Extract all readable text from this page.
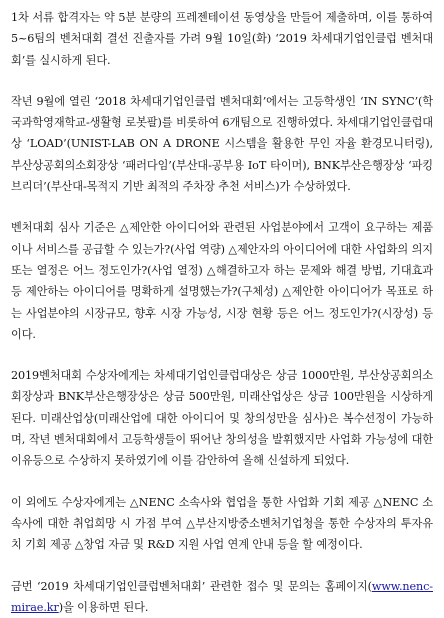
1차 서류 합격자는 약 5분 분량의 프레젠테이션 동영상을 만들어 제출하며, 이를 통하여 5~6팀의 벤처대회 결선 진출자를 가려 9월 10일(화) ‘2019 차세대기업인클럽 벤처대회’를 실시하게 된다.

작년 9월에 열린 ‘2018 차세대기업인클럽 벤처대회’에서는 고등학생인 ‘IN SYNC’(학국과학영재학교-생활형 로봇팔)를 비롯하여 6개팀으로 진행하였다. 차세대기업인클럽대상 ‘LOAD’(UNIST-LAB ON A DRONE 시스템을 활용한 무인 자율 환경모니터링), 부산상공회의소회장상 ‘패러다임’(부산대-공부용 IoT 타이머), BNK부산은행장상 ‘파킹브리더’(부산대-목적지 기반 최적의 주차장 추천 서비스)가 수상하였다.

벤처대회 심사 기준은 △제안한 아이디어와 관련된 사업분야에서 고객이 요구하는 제품이나 서비스를 공급할 수 있는가?(사업 역량) △제안자의 아이디어에 대한 사업화의 의지 또는 열정은 어느 정도인가?(사업 열정) △해결하고자 하는 문제와 해결 방법, 기대효과 등 제안하는 아이디어를 명확하게 설명했는가?(구체성) △제안한 아이디어가 목표로 하는 사업분야의 시장규모, 향후 시장 가능성, 시장 현황 등은 어느 정도인가?(시장성) 등이다.

2019벤처대회 수상자에게는 차세대기업인클럽대상은 상금 1000만원, 부산상공회의소 회장상과 BNK부산은행장상은 상금 500만원, 미래산업상은 상금 100만원을 시상하게 된다. 미래산업상(미래산업에 대한 아이디어 및 창의성만을 심사)은 복수선정이 가능하며, 작년 벤처대회에서 고등학생들이 뛰어난 창의성을 발휘했지만 사업화 가능성에 대한 이유등으로 수상하지 못하였기에 이를 감안하여 올해 신설하게 되었다.

이 외에도 수상자에게는 △NENC 소속사와 협업을 통한 사업화 기회 제공 △NENC 소속사에 대한 취업희망 시 가점 부여 △부산지방중소벤처기업청을 통한 수상자의 투자유치 기회 제공 △창업 자금 및 R&D 지원 사업 연계 안내 등을 할 예정이다.

금번 ‘2019 차세대기업인클럽벤처대회’ 관련한 접수 및 문의는 홈페이지(www.nenc-mirae.kr)을 이용하면 된다.
